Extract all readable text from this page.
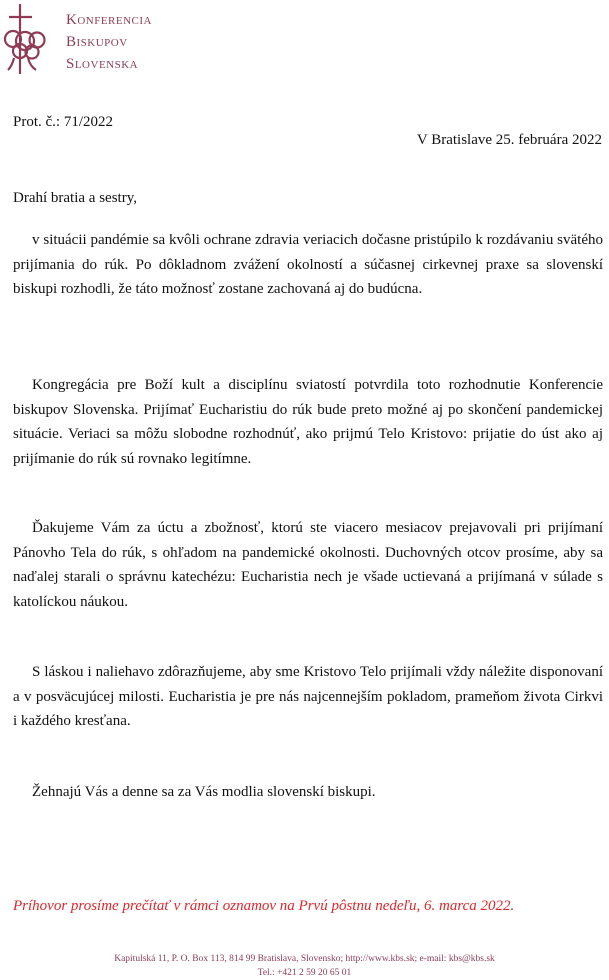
Konferencia
Biskupov
Slovenska
Prot. č.: 71/2022
V Bratislave 25. februára 2022
Drahí bratia a sestry,

v situácii pandémie sa kvôli ochrane zdravia veriacich dočasne pristúpilo k rozdávaniu svätého prijímania do rúk. Po dôkladnom zvážení okolností a súčasnej cirkevnej praxe sa slovenskí biskupi rozhodli, že táto možnosť zostane zachovaná aj do budúcna.

Kongregácia pre Boží kult a disciplínu sviatostí potvrdila toto rozhodnutie Konferencie biskupov Slovenska. Prijímať Eucharistiu do rúk bude preto možné aj po skončení pandemickej situácie. Veriaci sa môžu slobodne rozhodnúť, ako prijmú Telo Kristovo: prijatie do úst ako aj prijímanie do rúk sú rovnako legitímne.

Ďakujeme Vám za úctu a zbožnosť, ktorú ste viacero mesiacov prejavovali pri prijímaní Pánovho Tela do rúk, s ohľadom na pandemické okolnosti. Duchovných otcov prosíme, aby sa naďalej starali o správnu katechézu: Eucharistia nech je všade uctievaná a prijímaná v súlade s katolíckou náukou.

S láskou i naliehavo zdôrazňujeme, aby sme Kristovo Telo prijímali vždy náležite disponovaní a v posväcujúcej milosti. Eucharistia je pre nás najcennejším pokladom, prameňom života Cirkvi i každého kresťana.

Žehnajú Vás a denne sa za Vás modlia slovenskí biskupi.

Príhovor prosíme prečítať v rámci oznamov na Prvú pôstnu nedeľu, 6. marca 2022.
Kapitulská 11, P. O. Box 113, 814 99 Bratislava, Slovensko; http://www.kbs.sk; e-mail: kbs@kbs.sk
Tel.: +421 2 59 20 65 01
